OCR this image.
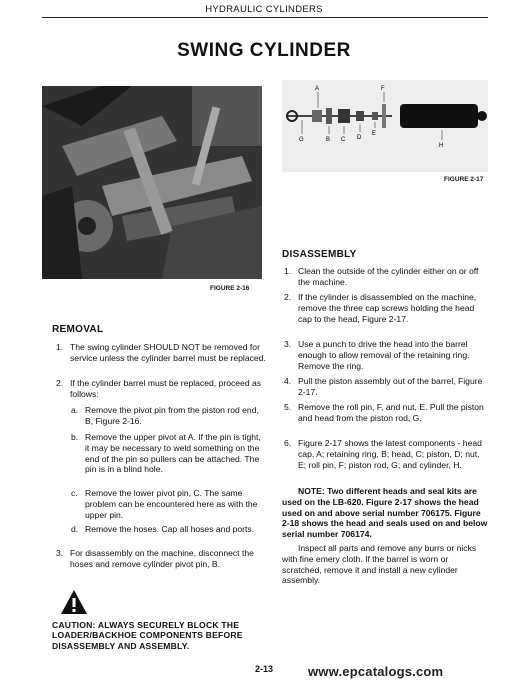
HYDRAULIC CYLINDERS
SWING CYLINDER
FIGURE 2-16
A
B C D
E
F
G
H
FIGURE 2-17
REMOVAL
1. The swing cylinder SHOULD NOT be removed for service unless the cylinder barrel must be replaced.
2. If the cylinder barrel must be replaced, proceed as follows:
a. Remove the pivot pin from the piston rod end, B, Figure 2-16.
b. Remove the upper pivot at A. If the pin is tight, it may be necessary to weld something on the end of the pin so pullers can be attached. The pin is in a blind hole.
c. Remove the lower pivot pin, C. The same problem can be encountered here as with the upper pin.
d. Remove the hoses. Cap all hoses and ports.
3. For disassembly on the machine, disconnect the hoses and remove cylinder pivot pin, B.
CAUTION: ALWAYS SECURELY BLOCK THE LOADER/BACKHOE COMPONENTS BEFORE DISASSEMBLY AND ASSEMBLY.
DISASSEMBLY
1. Clean the outside of the cylinder either on or off the machine.
2. If the cylinder is disassembled on the machine, remove the three cap screws holding the head cap to the head, Figure 2-17.
3. Use a punch to drive the head into the barrel enough to allow removal of the retaining ring. Remove the ring.
4. Pull the piston assembly out of the barrel, Figure 2-17.
5. Remove the roll pin, F, and nut, E. Pull the piston and head from the piston rod, G.
6. Figure 2-17 shows the latest components - head cap, A; retaining ring, B; head, C; piston, D; nut, E; roll pin, F; piston rod, G; and cylinder, H.
NOTE: Two different heads and seal kits are used on the LB-620. Figure 2-17 shows the head used on and above serial number 706175. Figure 2-18 shows the head and seals used on and below serial number 706174.
Inspect all parts and remove any burrs or nicks with fine emery cloth. If the barrel is worn or scratched, remove it and install a new cylinder assembly.
2-13	www.epcatalogs.com
